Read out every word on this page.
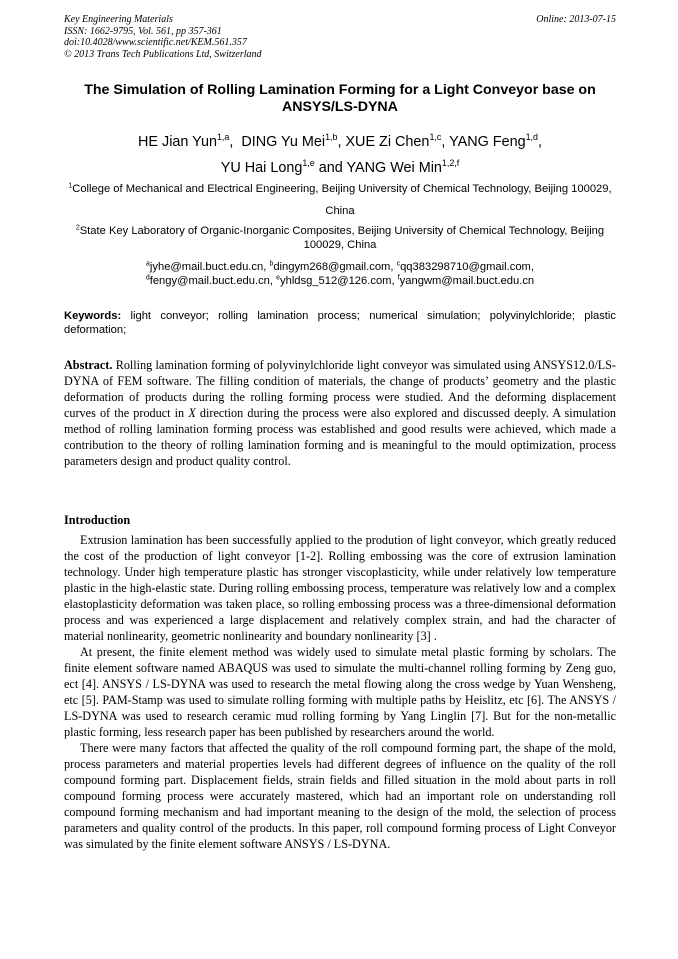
Key Engineering Materials
ISSN: 1662-9795, Vol. 561, pp 357-361
doi:10.4028/www.scientific.net/KEM.561.357
© 2013 Trans Tech Publications Ltd, Switzerland
Online: 2013-07-15
The Simulation of Rolling Lamination Forming for a Light Conveyor base on ANSYS/LS-DYNA
HE Jian Yun$^{1,a}$,  DING Yu Mei$^{1,b}$, XUE Zi Chen$^{1,c}$, YANG Feng$^{1,d}$,
YU Hai Long$^{1,e}$ and YANG Wei Min$^{1,2,f}$
$^1$College of Mechanical and Electrical Engineering, Beijing University of Chemical Technology, Beijing 100029, China
$^2$State Key Laboratory of Organic-Inorganic Composites, Beijing University of Chemical Technology, Beijing 100029, China
$^a$jyhe@mail.buct.edu.cn, $^b$dingym268@gmail.com, $^c$qq383298710@gmail.com,
$^d$fengy@mail.buct.edu.cn, $^e$yhldsg_512@126.com, $^f$yangwm@mail.buct.edu.cn
Keywords: light conveyor; rolling lamination process; numerical simulation; polyvinylchloride; plastic deformation;
Abstract. Rolling lamination forming of polyvinylchloride light conveyor was simulated using ANSYS12.0/LS-DYNA of FEM software. The filling condition of materials, the change of products’ geometry and the plastic deformation of products during the rolling forming process were studied. And the deforming displacement curves of the product in X direction during the process were also explored and discussed deeply. A simulation method of rolling lamination forming process was established and good results were achieved, which made a contribution to the theory of rolling lamination forming and is meaningful to the mould optimization, process parameters design and product quality control.
Introduction

Extrusion lamination has been successfully applied to the prodution of light conveyor, which greatly reduced the cost of the production of light conveyor [1-2]. Rolling embossing was the core of extrusion lamination technology. Under high temperature plastic has stronger viscoplasticity, while under relatively low temperature plastic in the high-elastic state. During rolling embossing process, temperature was relatively low and a complex elastoplasticity deformation was taken place, so rolling embossing process was a three-dimensional deformation process and was experienced a large displacement and relatively complex strain, and had the character of material nonlinearity, geometric nonlinearity and boundary nonlinearity [3] .

At present, the finite element method was widely used to simulate metal plastic forming by scholars. The finite element software named ABAQUS was used to simulate the multi-channel rolling forming by Zeng guo, ect [4]. ANSYS / LS-DYNA was used to research the metal flowing along the cross wedge by Yuan Wensheng, etc [5]. PAM-Stamp was used to simulate rolling forming with multiple paths by Heislitz, etc [6]. The ANSYS / LS-DYNA was used to research ceramic mud rolling forming by Yang Linglin [7]. But for the non-metallic plastic forming, less research paper has been published by researchers around the world.

There were many factors that affected the quality of the roll compound forming part, the shape of the mold, process parameters and material properties levels had different degrees of influence on the quality of the roll compound forming part. Displacement fields, strain fields and filled situation in the mold about parts in roll compound forming process were accurately mastered, which had an important role on understanding roll compound forming mechanism and had important meaning to the design of the mold, the selection of process parameters and quality control of the products. In this paper, roll compound forming process of Light Conveyor was simulated by the finite element software ANSYS / LS-DYNA.
